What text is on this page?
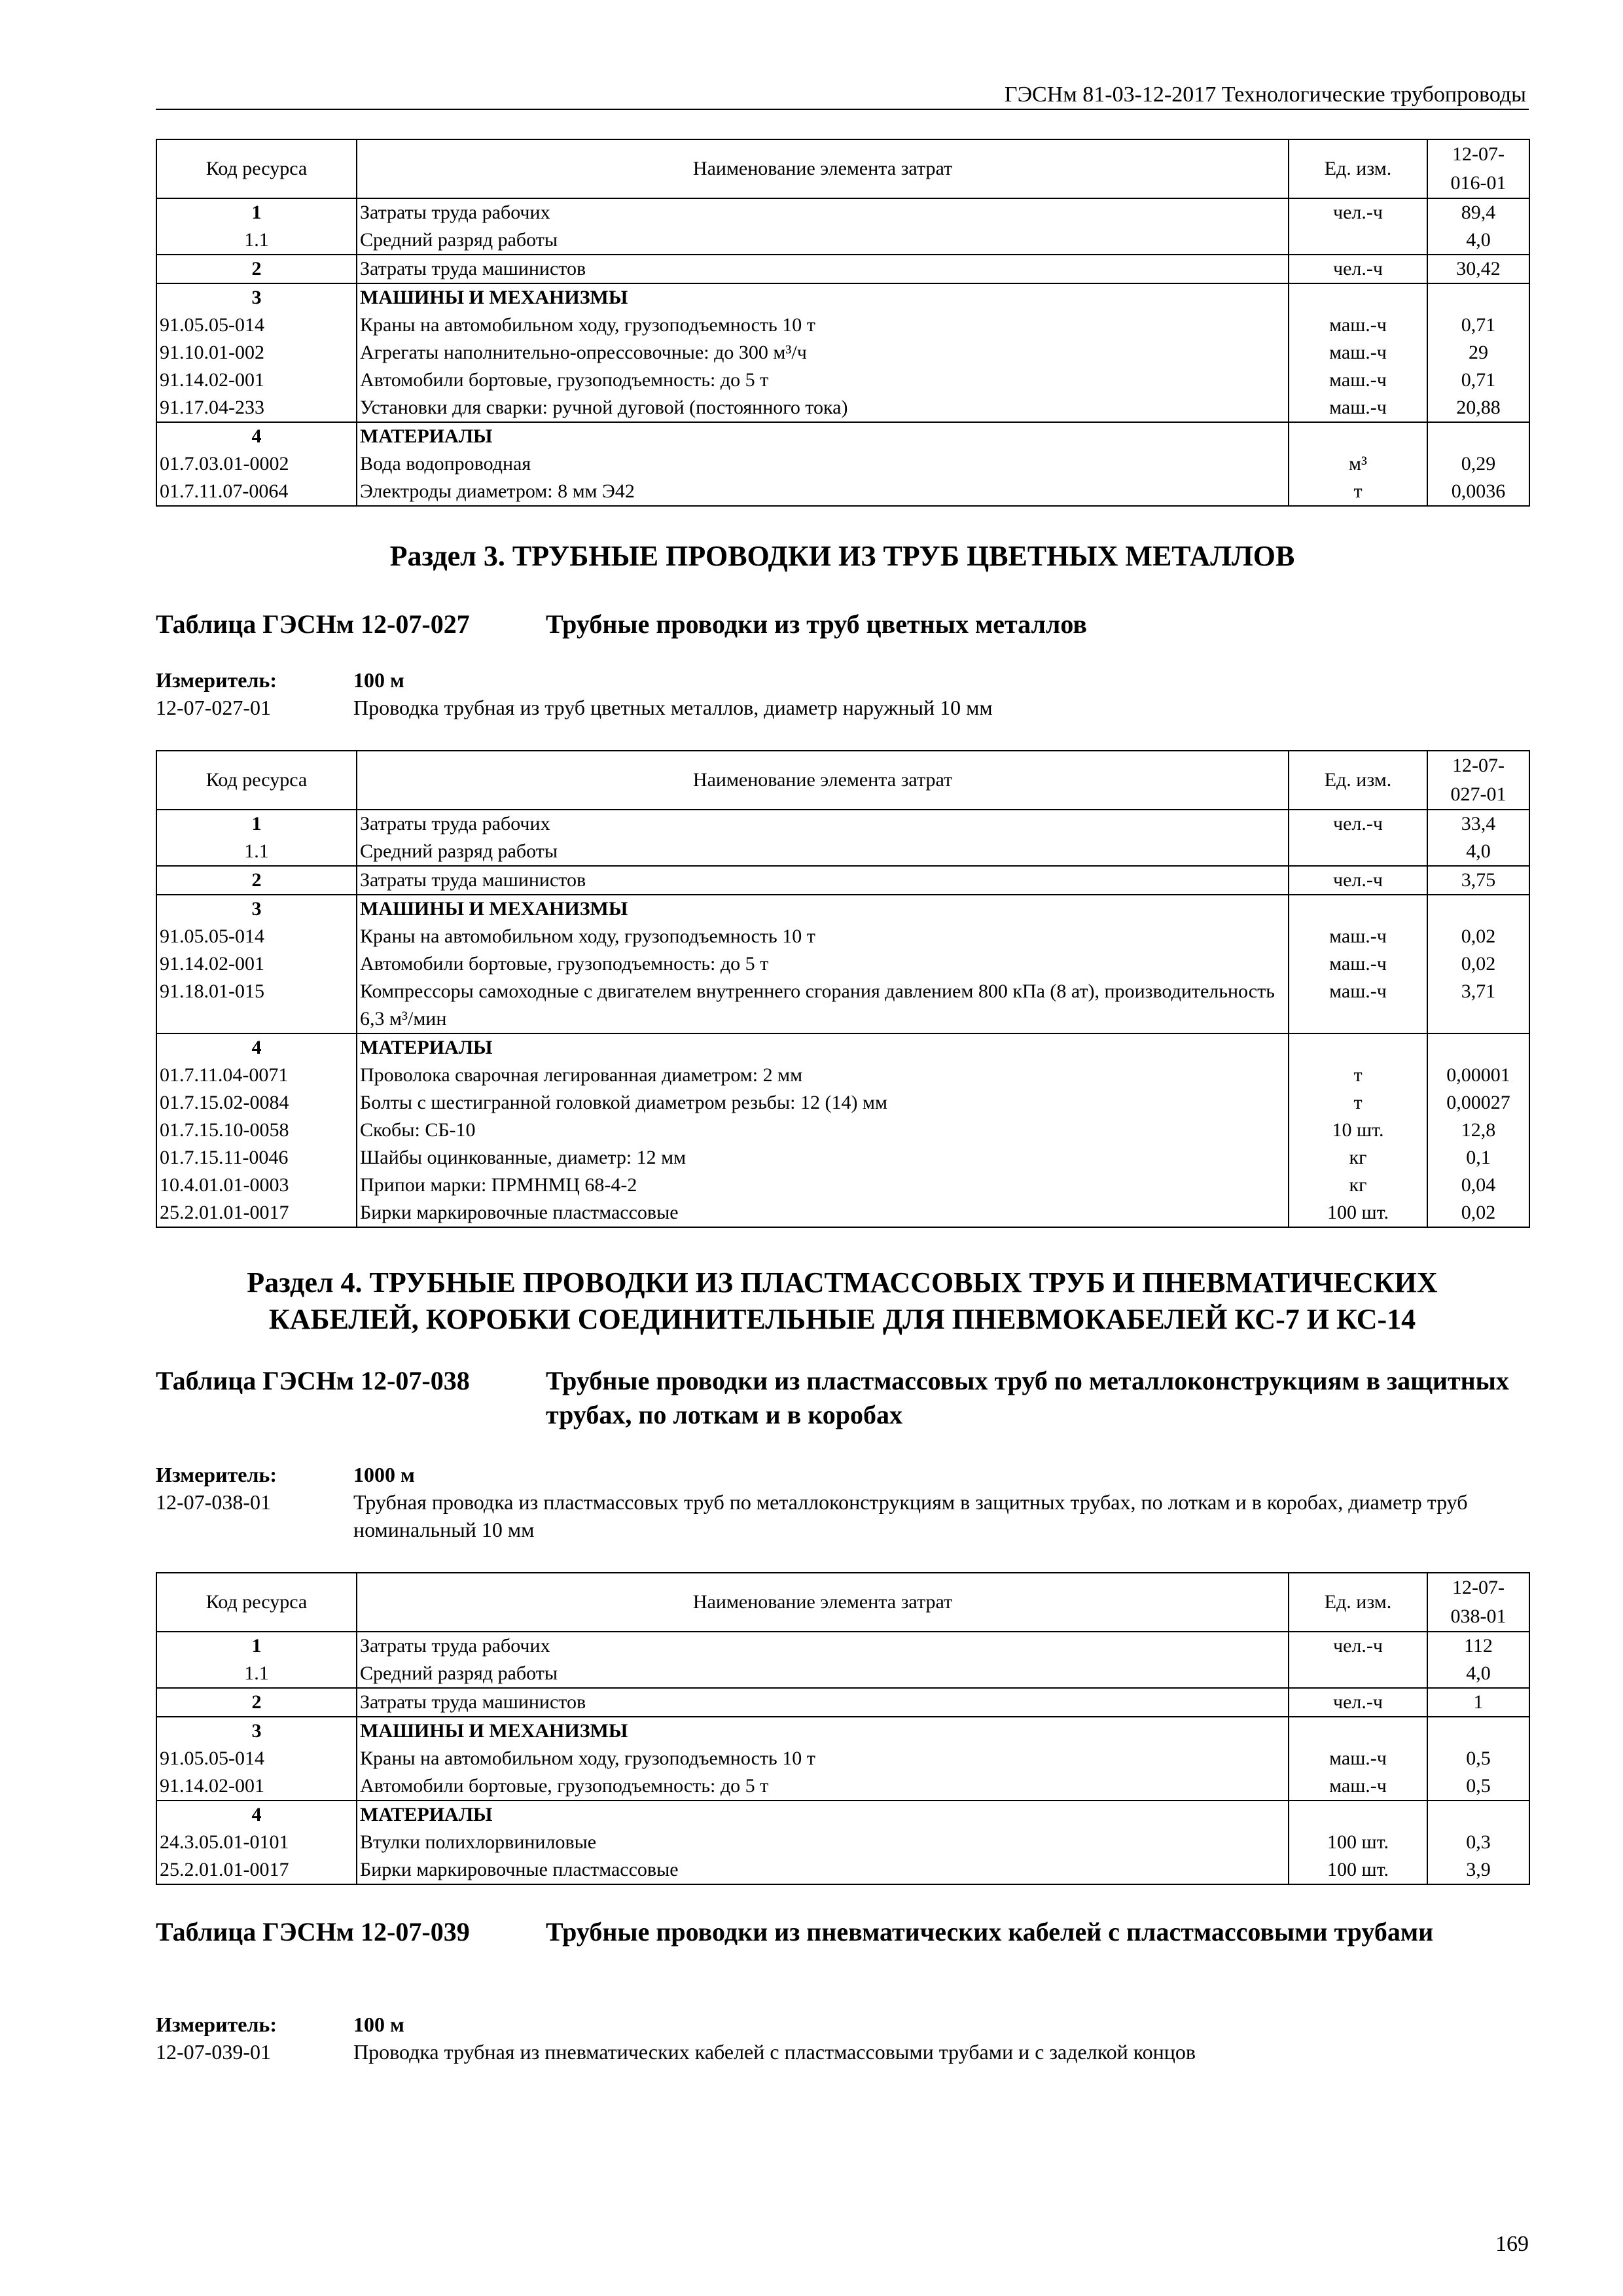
ГЭСНм 81-03-12-2017 Технологические трубопроводы
Код ресурса	Наименование элемента затрат	Ед. изм.	12-07-
016-01
1	Затраты труда рабочих	чел.-ч	89,4
1.1	Средний разряд работы		4,0
2	Затраты труда машинистов	чел.-ч	30,42
3	МАШИНЫ И МЕХАНИЗМЫ		
91.05.05-014	Краны на автомобильном ходу, грузоподъемность 10 т	маш.-ч	0,71
91.10.01-002	Агрегаты наполнительно-опрессовочные: до 300 м³/ч	маш.-ч	29
91.14.02-001	Автомобили бортовые, грузоподъемность: до 5 т	маш.-ч	0,71
91.17.04-233	Установки для сварки: ручной дуговой (постоянного тока)	маш.-ч	20,88
4	МАТЕРИАЛЫ		
01.7.03.01-0002	Вода водопроводная	м³	0,29
01.7.11.07-0064	Электроды диаметром: 8 мм Э42	т	0,0036
Раздел 3. ТРУБНЫЕ ПРОВОДКИ ИЗ ТРУБ ЦВЕТНЫХ МЕТАЛЛОВ
Таблица ГЭСНм 12-07-027	Трубные проводки из труб цветных металлов
Измеритель:	100 м
12-07-027-01	Проводка трубная из труб цветных металлов, диаметр наружный 10 мм
Код ресурса	Наименование элемента затрат	Ед. изм.	12-07-
027-01
1	Затраты труда рабочих	чел.-ч	33,4
1.1	Средний разряд работы		4,0
2	Затраты труда машинистов	чел.-ч	3,75
3	МАШИНЫ И МЕХАНИЗМЫ		
91.05.05-014	Краны на автомобильном ходу, грузоподъемность 10 т	маш.-ч	0,02
91.14.02-001	Автомобили бортовые, грузоподъемность: до 5 т	маш.-ч	0,02
91.18.01-015	Компрессоры самоходные с двигателем внутреннего сгорания давлением 800 кПа (8 ат), производительность 6,3 м³/мин	маш.-ч	3,71
4	МАТЕРИАЛЫ		
01.7.11.04-0071	Проволока сварочная легированная диаметром: 2 мм	т	0,00001
01.7.15.02-0084	Болты с шестигранной головкой диаметром резьбы: 12 (14) мм	т	0,00027
01.7.15.10-0058	Скобы: СБ-10	10 шт.	12,8
01.7.15.11-0046	Шайбы оцинкованные, диаметр: 12 мм	кг	0,1
10.4.01.01-0003	Припои марки: ПРМНМЦ 68-4-2	кг	0,04
25.2.01.01-0017	Бирки маркировочные пластмассовые	100 шт.	0,02
Раздел 4. ТРУБНЫЕ ПРОВОДКИ ИЗ ПЛАСТМАССОВЫХ ТРУБ И ПНЕВМАТИЧЕСКИХ
КАБЕЛЕЙ, КОРОБКИ СОЕДИНИТЕЛЬНЫЕ ДЛЯ ПНЕВМОКАБЕЛЕЙ КС-7 И КС-14
Таблица ГЭСНм 12-07-038	Трубные проводки из пластмассовых труб по металлоконструкциям в защитных трубах, по лоткам и в коробах
Измеритель:	1000 м
12-07-038-01	Трубная проводка из пластмассовых труб по металлоконструкциям в защитных трубах, по лоткам и в коробах, диаметр труб номинальный 10 мм
Код ресурса	Наименование элемента затрат	Ед. изм.	12-07-
038-01
1	Затраты труда рабочих	чел.-ч	112
1.1	Средний разряд работы		4,0
2	Затраты труда машинистов	чел.-ч	1
3	МАШИНЫ И МЕХАНИЗМЫ		
91.05.05-014	Краны на автомобильном ходу, грузоподъемность 10 т	маш.-ч	0,5
91.14.02-001	Автомобили бортовые, грузоподъемность: до 5 т	маш.-ч	0,5
4	МАТЕРИАЛЫ		
24.3.05.01-0101	Втулки полихлорвиниловые	100 шт.	0,3
25.2.01.01-0017	Бирки маркировочные пластмассовые	100 шт.	3,9
Таблица ГЭСНм 12-07-039	Трубные проводки из пневматических кабелей с пластмассовыми трубами
Измеритель:	100 м
12-07-039-01	Проводка трубная из пневматических кабелей с пластмассовыми трубами и с заделкой концов
169
